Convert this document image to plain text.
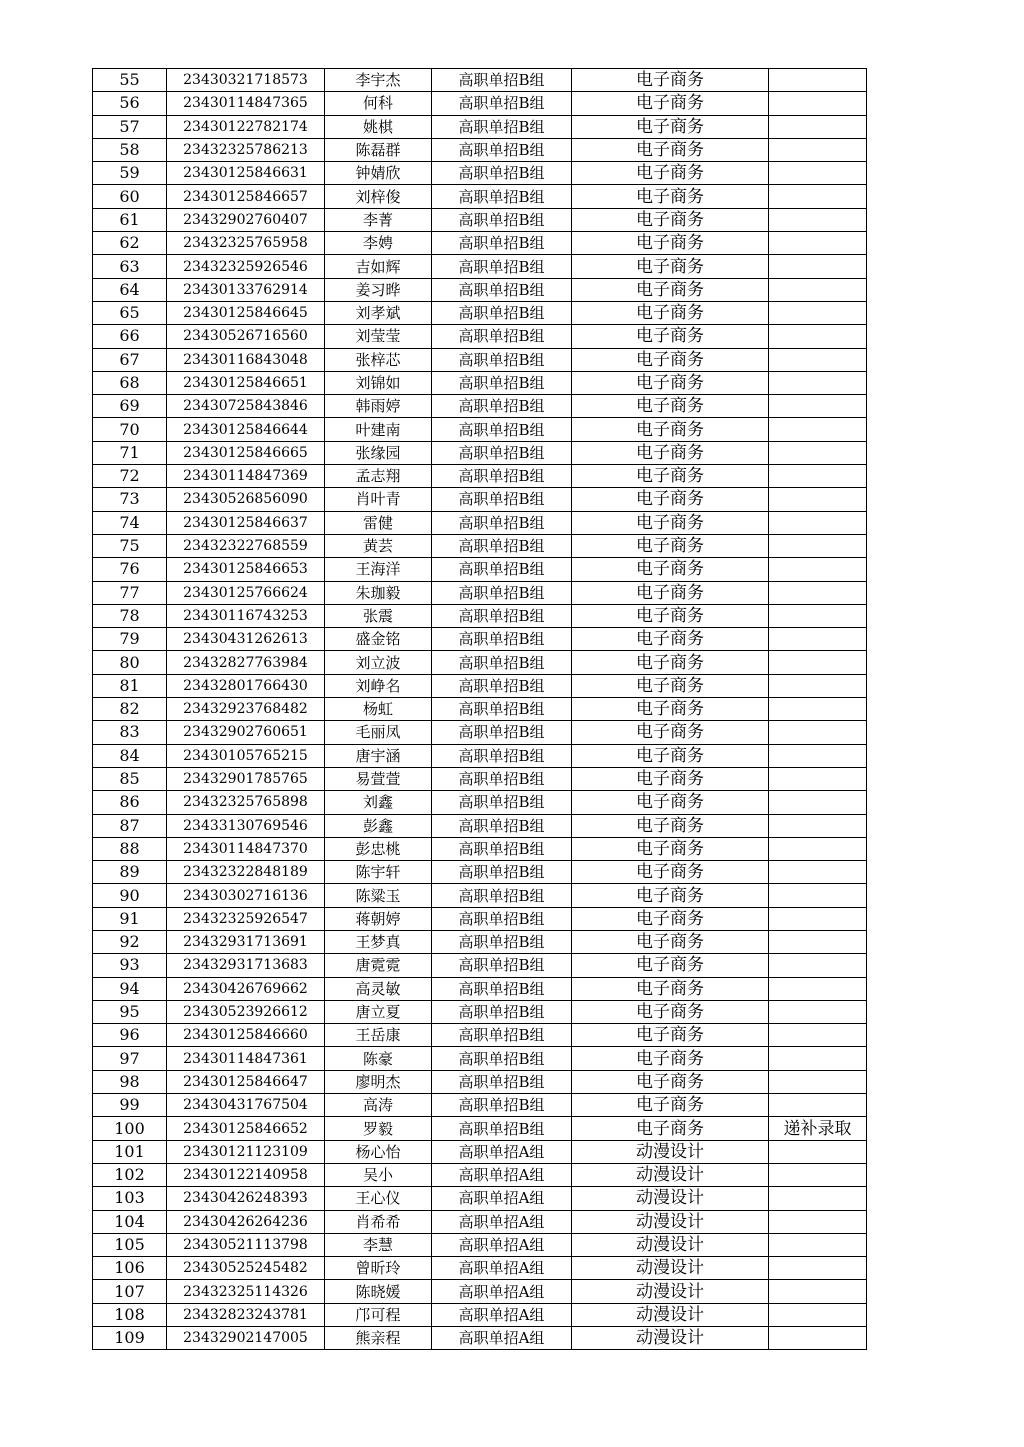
55	23430321718573	李宇杰	高职单招B组	电子商务	
56	23430114847365	何科	高职单招B组	电子商务	
57	23430122782174	姚棋	高职单招B组	电子商务	
58	23432325786213	陈磊群	高职单招B组	电子商务	
59	23430125846631	钟婧欣	高职单招B组	电子商务	
60	23430125846657	刘梓俊	高职单招B组	电子商务	
61	23432902760407	李菁	高职单招B组	电子商务	
62	23432325765958	李娉	高职单招B组	电子商务	
63	23432325926546	吉如辉	高职单招B组	电子商务	
64	23430133762914	姜习晔	高职单招B组	电子商务	
65	23430125846645	刘孝斌	高职单招B组	电子商务	
66	23430526716560	刘莹莹	高职单招B组	电子商务	
67	23430116843048	张梓芯	高职单招B组	电子商务	
68	23430125846651	刘锦如	高职单招B组	电子商务	
69	23430725843846	韩雨婷	高职单招B组	电子商务	
70	23430125846644	叶建南	高职单招B组	电子商务	
71	23430125846665	张缘园	高职单招B组	电子商务	
72	23430114847369	孟志翔	高职单招B组	电子商务	
73	23430526856090	肖叶青	高职单招B组	电子商务	
74	23430125846637	雷健	高职单招B组	电子商务	
75	23432322768559	黄芸	高职单招B组	电子商务	
76	23430125846653	王海洋	高职单招B组	电子商务	
77	23430125766624	朱珈毅	高职单招B组	电子商务	
78	23430116743253	张震	高职单招B组	电子商务	
79	23430431262613	盛金铭	高职单招B组	电子商务	
80	23432827763984	刘立波	高职单招B组	电子商务	
81	23432801766430	刘峥名	高职单招B组	电子商务	
82	23432923768482	杨虹	高职单招B组	电子商务	
83	23432902760651	毛丽凤	高职单招B组	电子商务	
84	23430105765215	唐宇涵	高职单招B组	电子商务	
85	23432901785765	易萱萱	高职单招B组	电子商务	
86	23432325765898	刘鑫	高职单招B组	电子商务	
87	23433130769546	彭鑫	高职单招B组	电子商务	
88	23430114847370	彭忠桃	高职单招B组	电子商务	
89	23432322848189	陈宇轩	高职单招B组	电子商务	
90	23430302716136	陈粱玉	高职单招B组	电子商务	
91	23432325926547	蒋朝婷	高职单招B组	电子商务	
92	23432931713691	王梦真	高职单招B组	电子商务	
93	23432931713683	唐霓霓	高职单招B组	电子商务	
94	23430426769662	高灵敏	高职单招B组	电子商务	
95	23430523926612	唐立夏	高职单招B组	电子商务	
96	23430125846660	王岳康	高职单招B组	电子商务	
97	23430114847361	陈豪	高职单招B组	电子商务	
98	23430125846647	廖明杰	高职单招B组	电子商务	
99	23430431767504	高涛	高职单招B组	电子商务	
100	23430125846652	罗毅	高职单招B组	电子商务	递补录取
101	23430121123109	杨心怡	高职单招A组	动漫设计	
102	23430122140958	吴小	高职单招A组	动漫设计	
103	23430426248393	王心仪	高职单招A组	动漫设计	
104	23430426264236	肖希希	高职单招A组	动漫设计	
105	23430521113798	李慧	高职单招A组	动漫设计	
106	23430525245482	曾昕玲	高职单招A组	动漫设计	
107	23432325114326	陈晓媛	高职单招A组	动漫设计	
108	23432823243781	邝可程	高职单招A组	动漫设计	
109	23432902147005	熊亲程	高职单招A组	动漫设计	
